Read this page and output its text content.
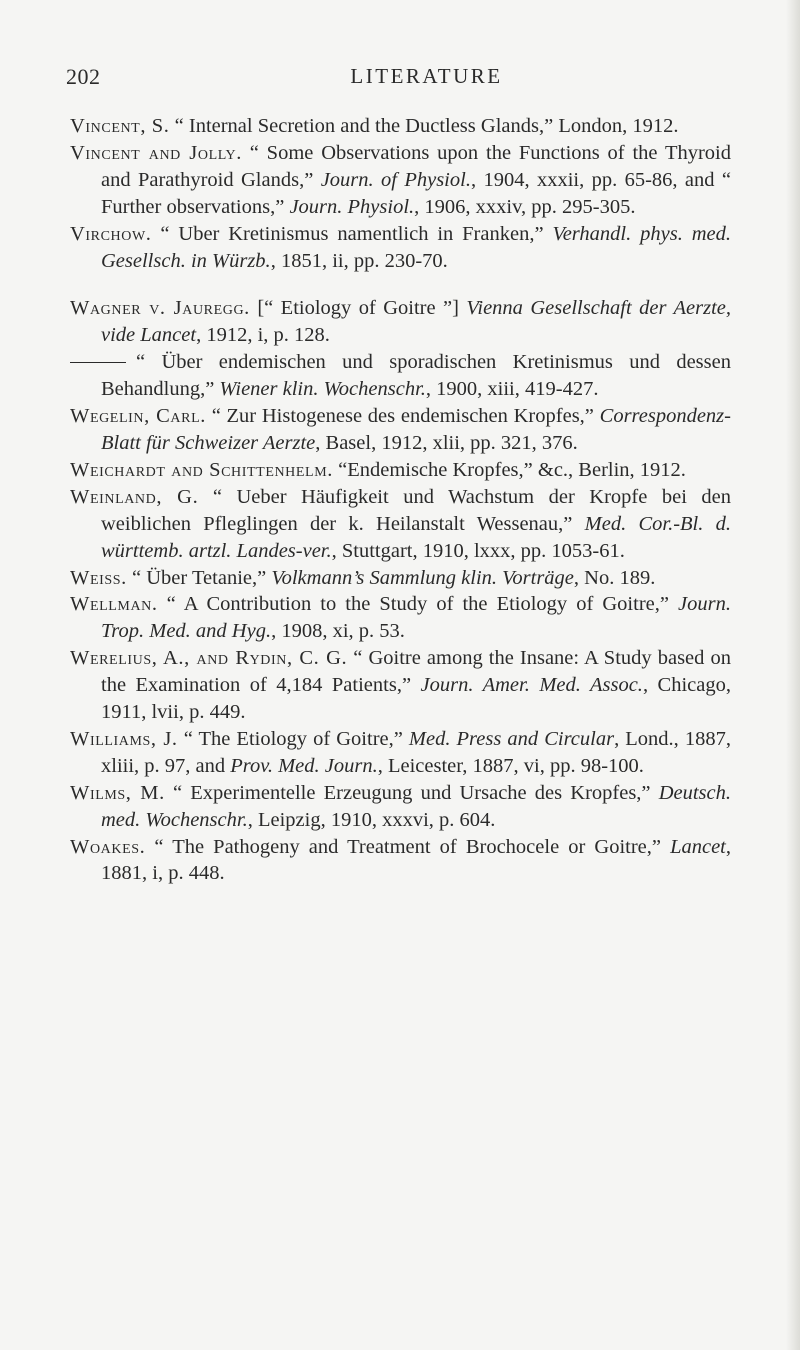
202	LITERATURE

Vincent, S. “ Internal Secretion and the Ductless Glands,” London, 1912.

Vincent and Jolly. “ Some Observations upon the Functions of the Thyroid and Parathyroid Glands,” Journ. of Physiol., 1904, xxxii, pp. 65-86, and “ Further observations,” Journ. Physiol., 1906, xxxiv, pp. 295-305.

Virchow. “ Uber Kretinismus namentlich in Franken,” Verhandl. phys. med. Gesellsch. in Würzb., 1851, ii, pp. 230-70.

Wagner v. Jauregg. [“ Etiology of Goitre ”] Vienna Gesellschaft der Aerzte, vide Lancet, 1912, i, p. 128.

“ Über endemischen und sporadischen Kretinismus und dessen Behandlung,” Wiener klin. Wochenschr., 1900, xiii, 419-427.

Wegelin, Carl. “ Zur Histogenese des endemischen Kropfes,” Correspondenz-Blatt für Schweizer Aerzte, Basel, 1912, xlii, pp. 321, 376.

Weichardt and Schittenhelm. “Endemische Kropfes,” &c., Berlin, 1912.

Weinland, G. “ Ueber Häufigkeit und Wachstum der Kropfe bei den weiblichen Pfleglingen der k. Heilanstalt Wessenau,” Med. Cor.-Bl. d. württemb. artzl. Landes-ver., Stuttgart, 1910, lxxx, pp. 1053-61.

Weiss. “ Über Tetanie,” Volkmann’s Sammlung klin. Vorträge, No. 189.

Wellman. “ A Contribution to the Study of the Etiology of Goitre,” Journ. Trop. Med. and Hyg., 1908, xi, p. 53.

Werelius, A., and Rydin, C. G. “ Goitre among the Insane: A Study based on the Examination of 4,184 Patients,” Journ. Amer. Med. Assoc., Chicago, 1911, lvii, p. 449.

Williams, J. “ The Etiology of Goitre,” Med. Press and Circular, Lond., 1887, xliii, p. 97, and Prov. Med. Journ., Leicester, 1887, vi, pp. 98-100.

Wilms, M. “ Experimentelle Erzeugung und Ursache des Kropfes,” Deutsch. med. Wochenschr., Leipzig, 1910, xxxvi, p. 604.

Woakes. “ The Pathogeny and Treatment of Brochocele or Goitre,” Lancet, 1881, i, p. 448.
